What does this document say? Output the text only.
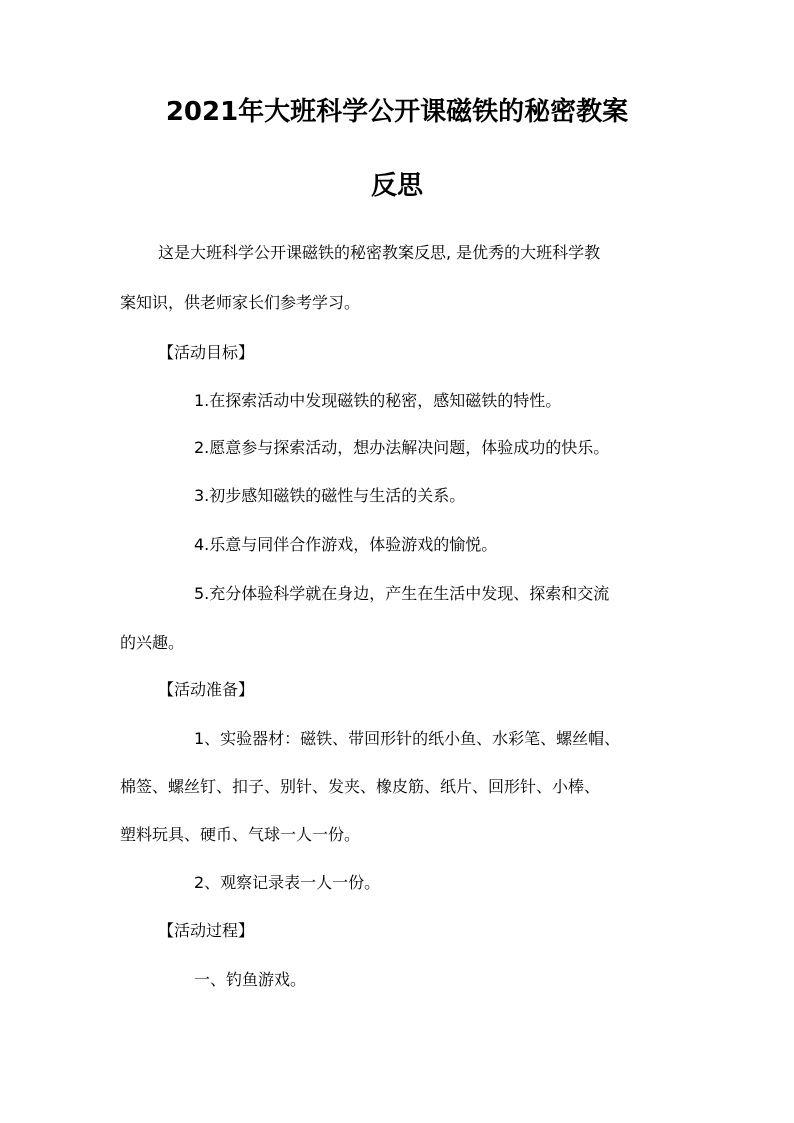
2021年大班科学公开课磁铁的秘密教案
反思

这是大班科学公开课磁铁的秘密教案反思, 是优秀的大班科学教

案知识，供老师家长们参考学习。

【活动目标】

1.在探索活动中发现磁铁的秘密，感知磁铁的特性。

2.愿意参与探索活动，想办法解决问题，体验成功的快乐。

3.初步感知磁铁的磁性与生活的关系。

4.乐意与同伴合作游戏，体验游戏的愉悦。

5.充分体验科学就在身边，产生在生活中发现、探索和交流

的兴趣。

【活动准备】

1、实验器材：磁铁、带回形针的纸小鱼、水彩笔、螺丝帽、

棉签、螺丝钉、扣子、别针、发夹、橡皮筋、纸片、回形针、小棒、

塑料玩具、硬币、气球一人一份。

2、观察记录表一人一份。

【活动过程】

一、钓鱼游戏。
